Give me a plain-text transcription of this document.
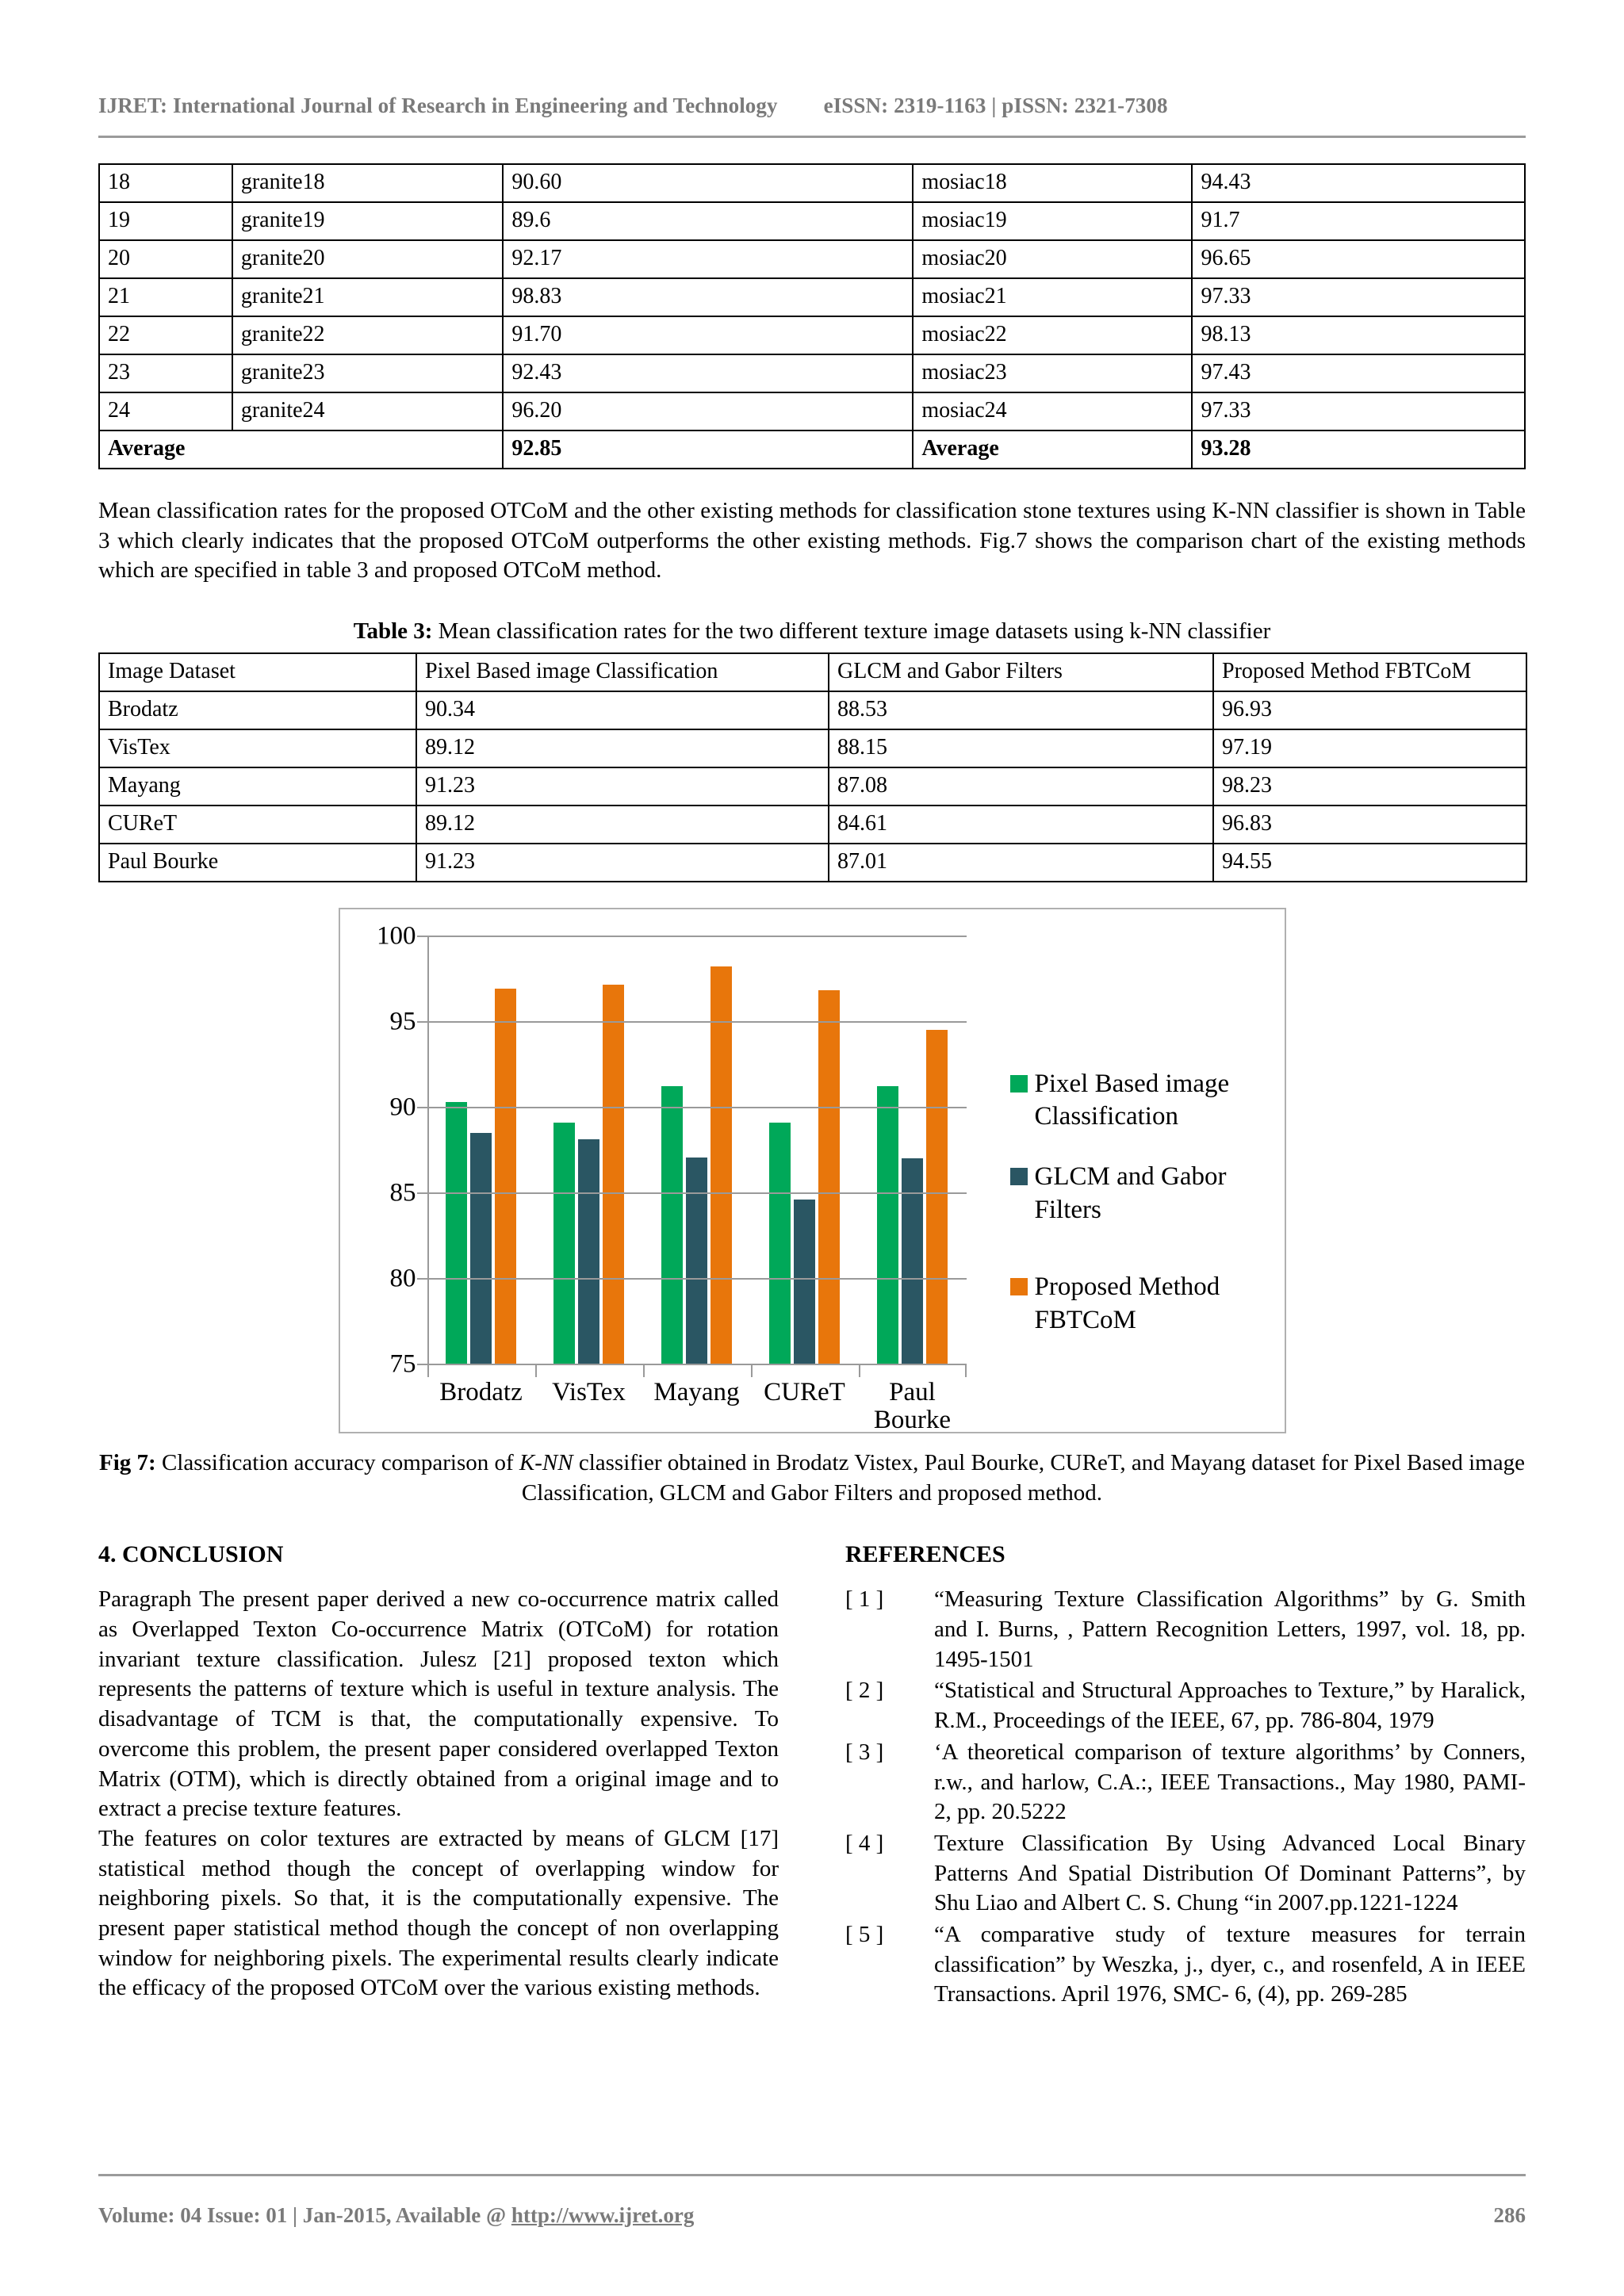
IJRET: International Journal of Research in Engineering and Technology eISSN: 2319-1163 | pISSN: 2321-7308
18	granite18	90.60	mosiac18	94.43
19	granite19	89.6	mosiac19	91.7
20	granite20	92.17	mosiac20	96.65
21	granite21	98.83	mosiac21	97.33
22	granite22	91.70	mosiac22	98.13
23	granite23	92.43	mosiac23	97.43
24	granite24	96.20	mosiac24	97.33
Average		92.85	Average	93.28

Mean classification rates for the proposed OTCoM and the other existing methods for classification stone textures using K-NN classifier is shown in Table 3 which clearly indicates that the proposed OTCoM outperforms the other existing methods. Fig.7 shows the comparison chart of the existing methods which are specified in table 3 and proposed OTCoM method.

Table 3: Mean classification rates for the two different texture image datasets using k-NN classifier
Image Dataset	Pixel Based image Classification	GLCM and Gabor Filters	Proposed Method FBTCoM
Brodatz	90.34	88.53	96.93
VisTex	89.12	88.15	97.19
Mayang	91.23	87.08	98.23
CUReT	89.12	84.61	96.83
Paul Bourke	91.23	87.01	94.55
75
80
85
90
95
100
Brodatz	VisTex	Mayang CUReT	Paul Bourke
Pixel Based image Classification
GLCM and Gabor Filters
Proposed Method FBTCoM

Fig 7: Classification accuracy comparison of K-NN classifier obtained in Brodatz Vistex, Paul Bourke, CUReT, and Mayang dataset for Pixel Based image Classification, GLCM and Gabor Filters and proposed method.

4. CONCLUSION

Paragraph The present paper derived a new co-occurrence matrix called as Overlapped Texton Co-occurrence Matrix (OTCoM) for rotation invariant texture classification. Julesz [21] proposed texton which represents the patterns of texture which is useful in texture analysis. The disadvantage of TCM is that, the computationally expensive. To overcome this problem, the present paper considered overlapped Texton Matrix (OTM), which is directly obtained from a original image and to extract a precise texture features.

The features on color textures are extracted by means of GLCM [17] statistical method though the concept of overlapping window for neighboring pixels. So that, it is the computationally expensive. The present paper statistical method though the concept of non overlapping window for neighboring pixels. The experimental results clearly indicate the efficacy of the proposed OTCoM over the various existing methods.

REFERENCES
[ 1 ]	“Measuring Texture Classification Algorithms” by G. Smith and I. Burns, , Pattern Recognition Letters, 1997, vol. 18, pp. 1495-1501
[ 2 ]	“Statistical and Structural Approaches to Texture,” by Haralick, R.M., Proceedings of the IEEE, 67, pp. 786-804, 1979
[ 3 ]	‘A theoretical comparison of texture algorithms’ by Conners, r.w., and harlow, C.A.:, IEEE Transactions., May 1980, PAMI-2, pp. 20.5222
[ 4 ]	Texture Classification By Using Advanced Local Binary Patterns And Spatial Distribution Of Dominant Patterns”, by Shu Liao and Albert C. S. Chung “in 2007.pp.1221-1224
[ 5 ]	“A comparative study of texture measures for terrain classification” by Weszka, j., dyer, c., and rosenfeld, A in IEEE Transactions. April 1976, SMC- 6, (4), pp. 269-285
Volume: 04 Issue: 01 | Jan-2015, Available @ http://www.ijret.org	286
